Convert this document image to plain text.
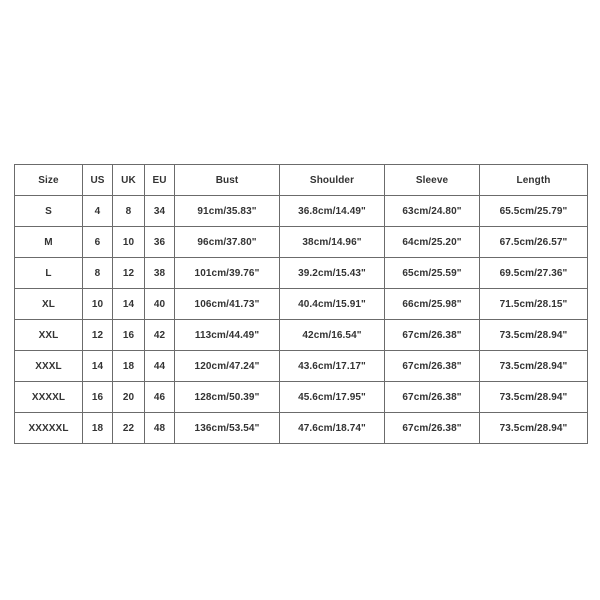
Size	US	UK	EU	Bust	Shoulder	Sleeve	Length
S	4	8	34	91cm/35.83"	36.8cm/14.49"	63cm/24.80"	65.5cm/25.79"
M	6	10	36	96cm/37.80"	38cm/14.96"	64cm/25.20"	67.5cm/26.57"
L	8	12	38	101cm/39.76"	39.2cm/15.43"	65cm/25.59"	69.5cm/27.36"
XL	10	14	40	106cm/41.73"	40.4cm/15.91"	66cm/25.98"	71.5cm/28.15"
XXL	12	16	42	113cm/44.49"	42cm/16.54"	67cm/26.38"	73.5cm/28.94"
XXXL	14	18	44	120cm/47.24"	43.6cm/17.17"	67cm/26.38"	73.5cm/28.94"
XXXXL	16	20	46	128cm/50.39"	45.6cm/17.95"	67cm/26.38"	73.5cm/28.94"
XXXXXL	18	22	48	136cm/53.54"	47.6cm/18.74"	67cm/26.38"	73.5cm/28.94"
